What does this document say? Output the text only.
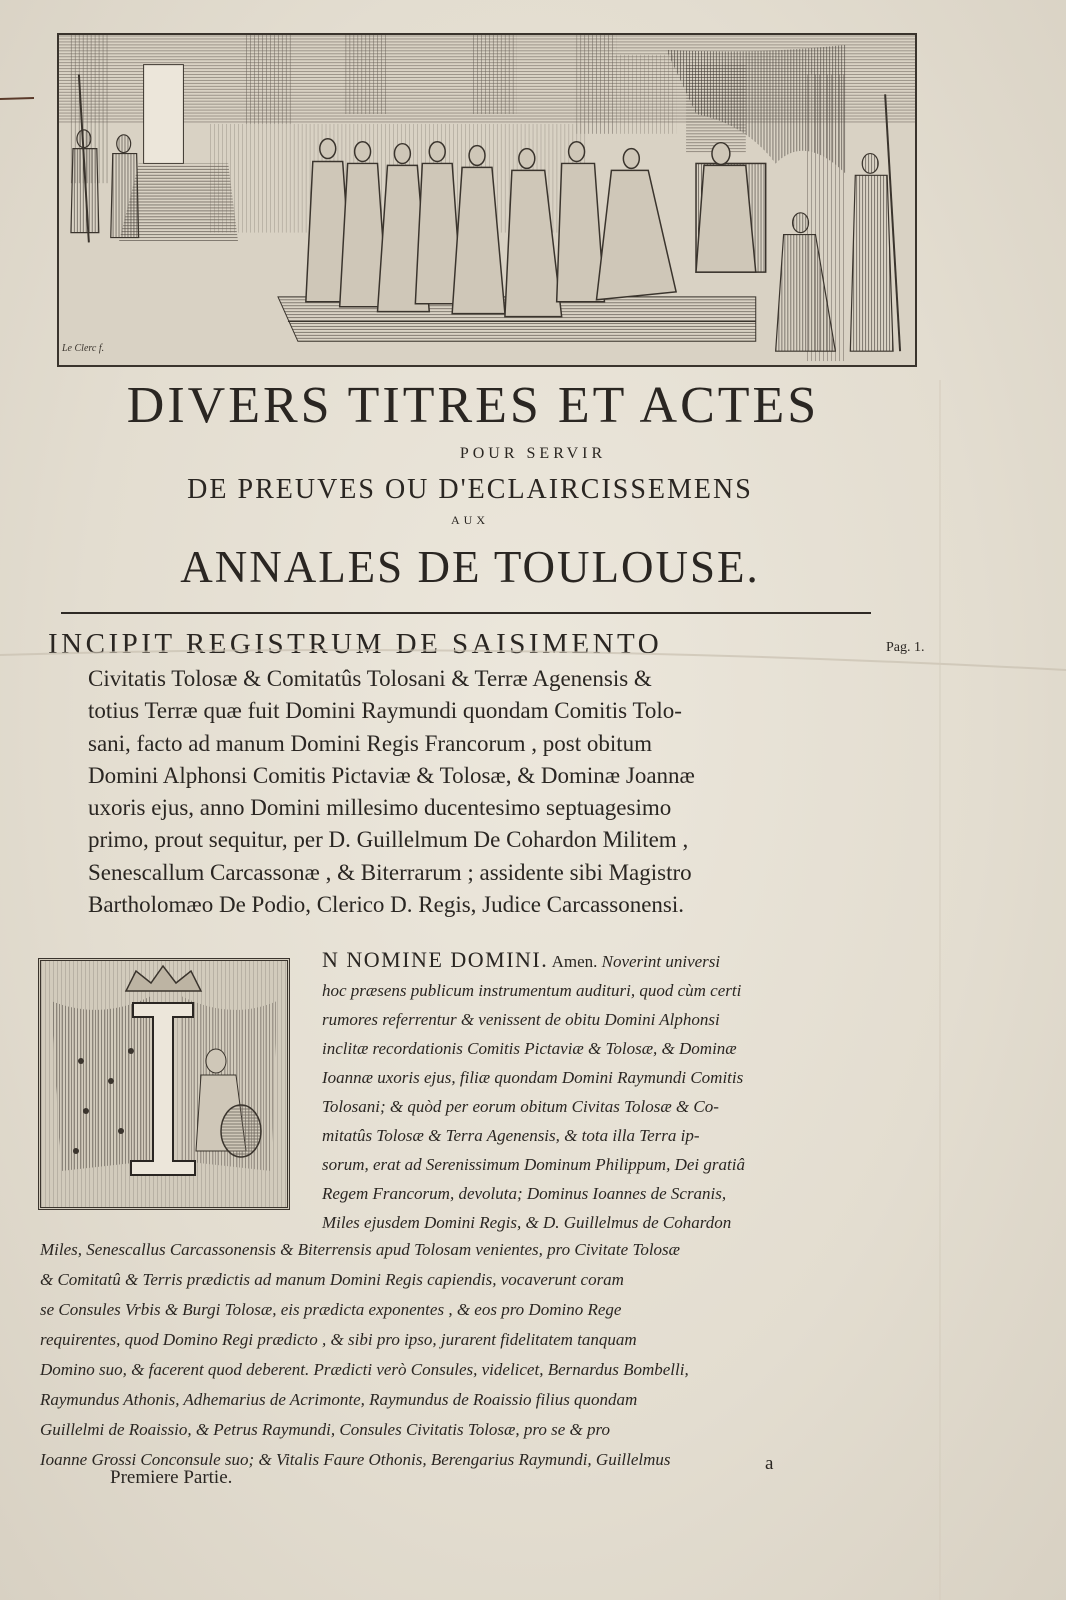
Le Clerc f.
DIVERS TITRES ET ACTES
POUR SERVIR
DE PREUVES OU D'ECLAIRCISSEMENS
AUX
ANNALES DE TOULOUSE.
INCIPIT REGISTRUM DE SAISIMENTO	Pag. 1.
Civitatis Tolosæ & Comitatûs Tolosani & Terræ Agenensis &
totius Terræ quæ fuit Domini Raymundi quondam Comitis Tolo-
sani, facto ad manum Domini Regis Francorum , post obitum
Domini Alphonsi Comitis Pictaviæ & Tolosæ, & Dominæ Joannæ
uxoris ejus, anno Domini millesimo ducentesimo septuagesimo
primo, prout sequitur, per D. Guillelmum De Cohardon Militem ,
Senescallum Carcassonæ , & Biterrarum ; assidente sibi Magistro
Bartholomæo De Podio, Clerico D. Regis, Judice Carcassonensi.
N NOMINE DOMINI. Amen. Noverint universi
hoc præsens publicum instrumentum audituri, quod cùm certi
rumores referrentur & venissent de obitu Domini Alphonsi
inclitæ recordationis Comitis Pictaviæ & Tolosæ, & Dominæ
Ioannæ uxoris ejus, filiæ quondam Domini Raymundi Comitis
Tolosani; & quòd per eorum obitum Civitas Tolosæ & Co-
mitatûs Tolosæ & Terra Agenensis, & tota illa Terra ip-
sorum, erat ad Serenissimum Dominum Philippum, Dei gratiâ
Regem Francorum, devoluta; Dominus Ioannes de Scranis,
Miles ejusdem Domini Regis, & D. Guillelmus de Cohardon
Miles, Senescallus Carcassonensis & Biterrensis apud Tolosam venientes, pro Civitate Tolosæ
& Comitatû & Terris prædictis ad manum Domini Regis capiendis, vocaverunt coram
se Consules Vrbis & Burgi Tolosæ, eis prædicta exponentes , & eos pro Domino Rege
requirentes, quod Domino Regi prædicto , & sibi pro ipso, jurarent fidelitatem tanquam
Domino suo, & facerent quod deberent. Prædicti verò Consules, videlicet, Bernardus Bombelli,
Raymundus Athonis, Adhemarius de Acrimonte, Raymundus de Roaissio filius quondam
Guillelmi de Roaissio, & Petrus Raymundi, Consules Civitatis Tolosæ, pro se & pro
Ioanne Grossi Conconsule suo; & Vitalis Faure Othonis, Berengarius Raymundi, Guillelmus
Premiere Partie.
a
